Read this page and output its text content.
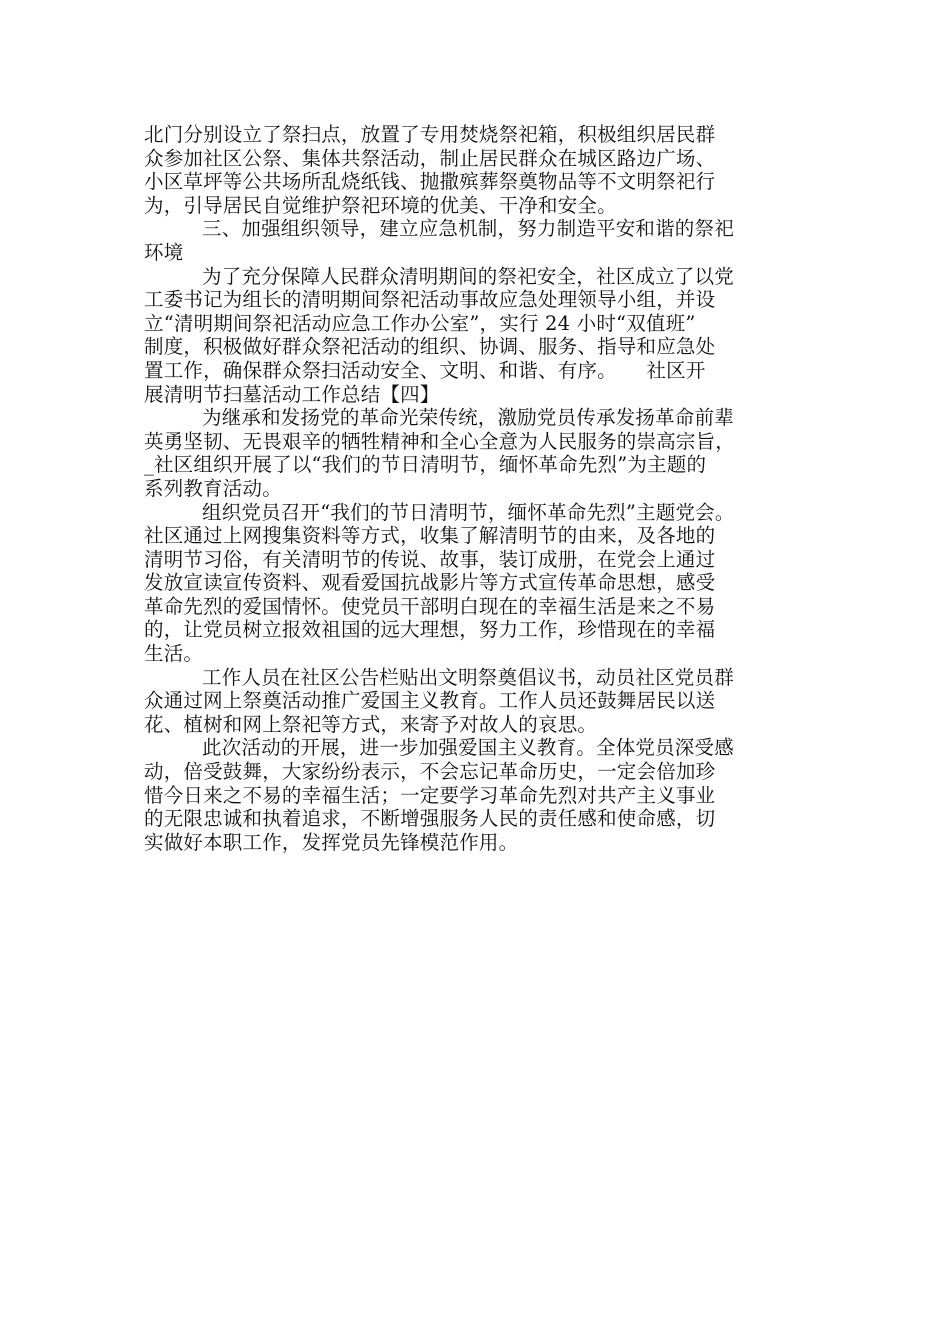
北门分别设立了祭扫点，放置了专用焚烧祭祀箱，积极组织居民群
众参加社区公祭、集体共祭活动，制止居民群众在城区路边广场、
小区草坪等公共场所乱烧纸钱、抛撒殡葬祭奠物品等不文明祭祀行
为，引导居民自觉维护祭祀环境的优美、干净和安全。
三、加强组织领导，建立应急机制，努力制造平安和谐的祭祀
环境
为了充分保障人民群众清明期间的祭祀安全，社区成立了以党
工委书记为组长的清明期间祭祀活动事故应急处理领导小组，并设
立“清明期间祭祀活动应急工作办公室”，实行 24 小时“双值班”
制度，积极做好群众祭祀活动的组织、协调、服务、指导和应急处
置工作，确保群众祭扫活动安全、文明、和谐、有序。　　社区开
展清明节扫墓活动工作总结【四】
为继承和发扬党的革命光荣传统，激励党员传承发扬革命前辈
英勇坚韧、无畏艰辛的牺牲精神和全心全意为人民服务的崇高宗旨，
_社区组织开展了以“我们的节日清明节，缅怀革命先烈”为主题的
系列教育活动。
组织党员召开“我们的节日清明节，缅怀革命先烈”主题党会。
社区通过上网搜集资料等方式，收集了解清明节的由来，及各地的
清明节习俗，有关清明节的传说、故事，装订成册，在党会上通过
发放宣读宣传资料、观看爱国抗战影片等方式宣传革命思想，感受
革命先烈的爱国情怀。使党员干部明白现在的幸福生活是来之不易
的，让党员树立报效祖国的远大理想，努力工作，珍惜现在的幸福
生活。
工作人员在社区公告栏贴出文明祭奠倡议书，动员社区党员群
众通过网上祭奠活动推广爱国主义教育。工作人员还鼓舞居民以送
花、植树和网上祭祀等方式，来寄予对故人的哀思。
此次活动的开展，进一步加强爱国主义教育。全体党员深受感
动，倍受鼓舞，大家纷纷表示，不会忘记革命历史，一定会倍加珍
惜今日来之不易的幸福生活；一定要学习革命先烈对共产主义事业
的无限忠诚和执着追求，不断增强服务人民的责任感和使命感，切
实做好本职工作，发挥党员先锋模范作用。
